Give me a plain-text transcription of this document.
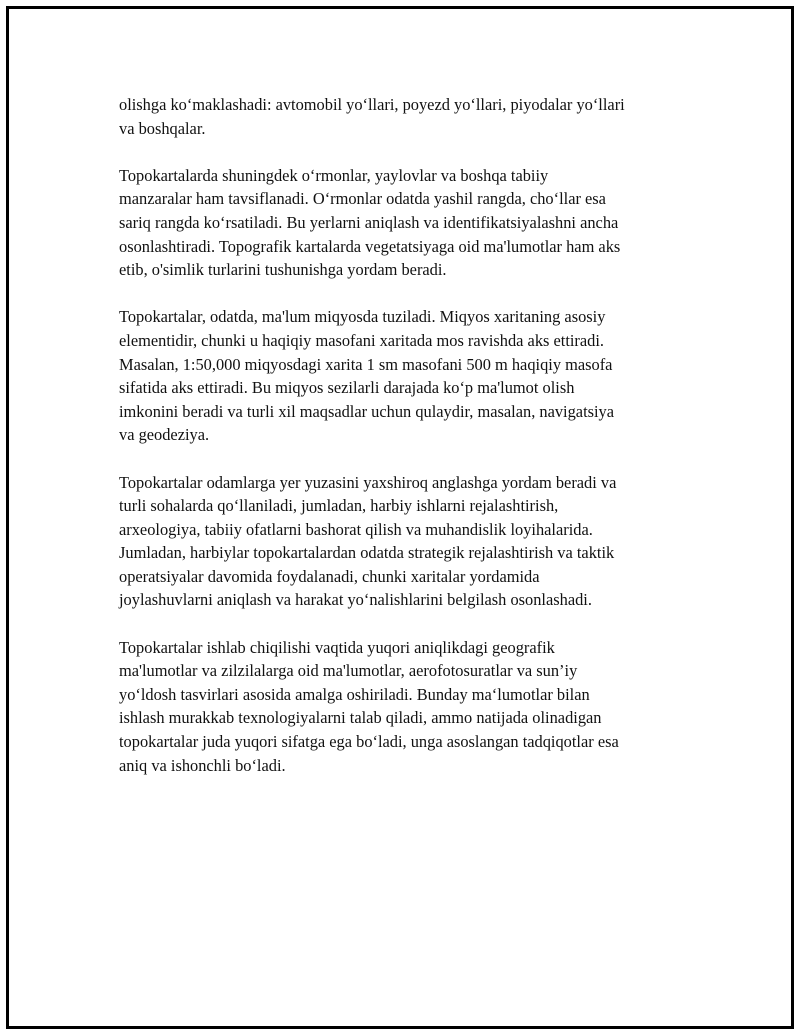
olishga ko‘maklashadi: avtomobil yo‘llari, poyezd yo‘llari, piyodalar yo‘llari
va boshqalar.

Topokartalarda shuningdek o‘rmonlar, yaylovlar va boshqa tabiiy
manzaralar ham tavsiflanadi. O‘rmonlar odatda yashil rangda, cho‘llar esa
sariq rangda ko‘rsatiladi. Bu yerlarni aniqlash va identifikatsiyalashni ancha
osonlashtiradi. Topografik kartalarda vegetatsiyaga oid ma'lumotlar ham aks
etib, o'simlik turlarini tushunishga yordam beradi.

Topokartalar, odatda, ma'lum miqyosda tuziladi. Miqyos xaritaning asosiy
elementidir, chunki u haqiqiy masofani xaritada mos ravishda aks ettiradi.
Masalan, 1:50,000 miqyosdagi xarita 1 sm masofani 500 m haqiqiy masofa
sifatida aks ettiradi. Bu miqyos sezilarli darajada ko‘p ma'lumot olish
imkonini beradi va turli xil maqsadlar uchun qulaydir, masalan, navigatsiya
va geodeziya.

Topokartalar odamlarga yer yuzasini yaxshiroq anglashga yordam beradi va
turli sohalarda qo‘llaniladi, jumladan, harbiy ishlarni rejalashtirish,
arxeologiya, tabiiy ofatlarni bashorat qilish va muhandislik loyihalarida.
Jumladan, harbiylar topokartalardan odatda strategik rejalashtirish va taktik
operatsiyalar davomida foydalanadi, chunki xaritalar yordamida
joylashuvlarni aniqlash va harakat yo‘nalishlarini belgilash osonlashadi.

Topokartalar ishlab chiqilishi vaqtida yuqori aniqlikdagi geografik
ma'lumotlar va zilzilalarga oid ma'lumotlar, aerofotosuratlar va sun’iy
yo‘ldosh tasvirlari asosida amalga oshiriladi. Bunday ma‘lumotlar bilan
ishlash murakkab texnologiyalarni talab qiladi, ammo natijada olinadigan
topokartalar juda yuqori sifatga ega bo‘ladi, unga asoslangan tadqiqotlar esa
aniq va ishonchli bo‘ladi.
